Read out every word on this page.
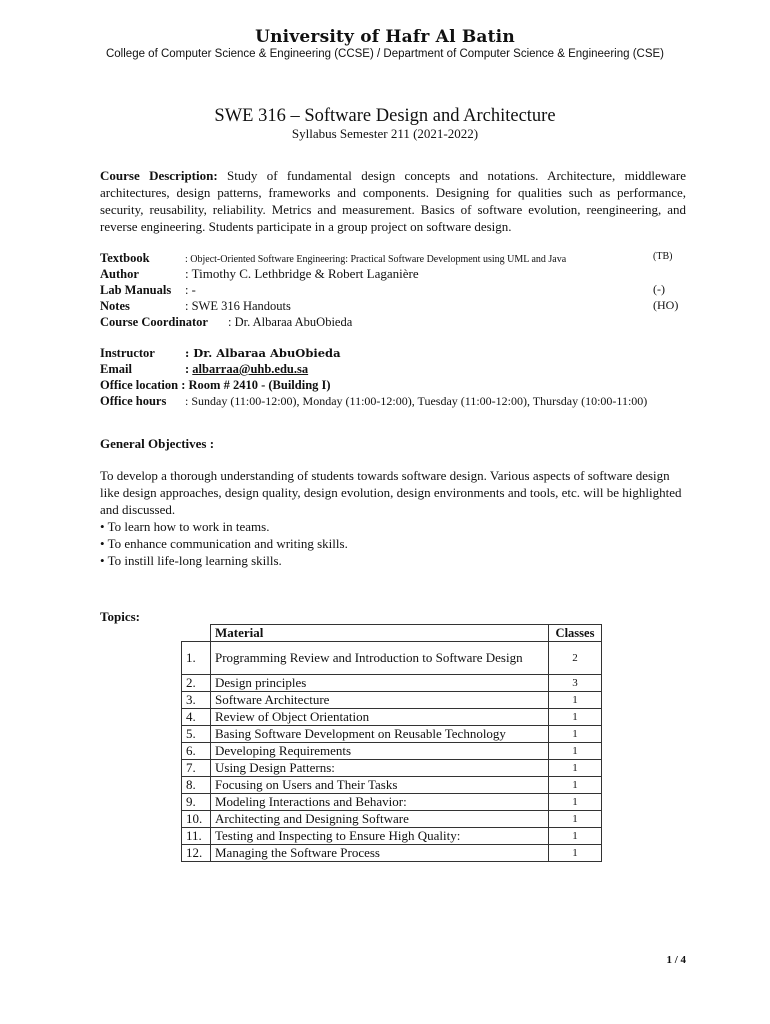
University of Hafr Al Batin
College of Computer Science & Engineering (CCSE) / Department of Computer Science & Engineering (CSE)
SWE 316 – Software Design and Architecture
Syllabus Semester 211 (2021-2022)
Course Description: Study of fundamental design concepts and notations. Architecture, middleware architectures, design patterns, frameworks and components. Designing for qualities such as performance, security, reusability, reliability. Metrics and measurement. Basics of software evolution, reengineering, and reverse engineering. Students participate in a group project on software design.
Textbook	: Object-Oriented Software Engineering: Practical Software Development using UML and Java	(TB)
Author	: Timothy C. Lethbridge & Robert Laganière
Lab Manuals : -	(-)
Notes	: SWE 316 Handouts	(HO)
Course Coordinator : Dr. Albaraa AbuObieda
Instructor	: Dr. Albaraa AbuObieda
Email	: albarraa@uhb.edu.sa
Office location : Room # 2410 - (Building I)
Office hours : Sunday (11:00-12:00), Monday (11:00-12:00), Tuesday (11:00-12:00), Thursday (10:00-11:00)
General Objectives :

To develop a thorough understanding of students towards software design. Various aspects of software design like design approaches, design quality, design evolution, design environments and tools, etc. will be highlighted and discussed.

• To learn how to work in teams.

• To enhance communication and writing skills.

• To instill life-long learning skills.

Topics:
	Material	Classes
1.	Programming Review and Introduction to Software Design	2
2.	Design principles	3
3.	Software Architecture	1
4.	Review of Object Orientation	1
5.	Basing Software Development on Reusable Technology	1
6.	Developing Requirements	1
7.	Using Design Patterns:	1
8.	Focusing on Users and Their Tasks	1
9.	Modeling Interactions and Behavior:	1
10.	Architecting and Designing Software	1
11.	Testing and Inspecting to Ensure High Quality:	1
12.	Managing the Software Process	1
1 / 4
